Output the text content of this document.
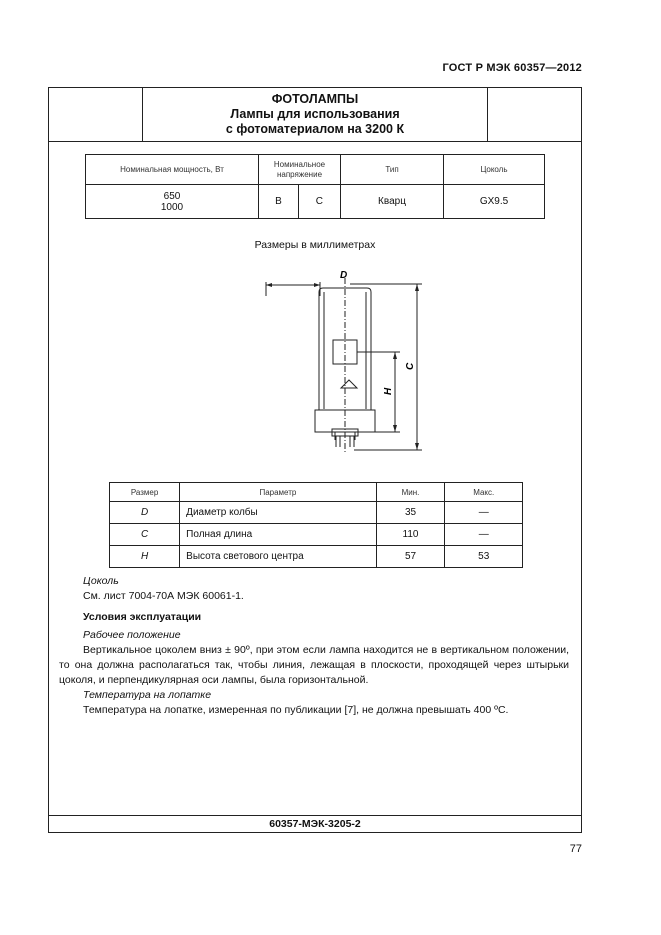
ГОСТ Р МЭК 60357—2012
ФОТОЛАМПЫ
Лампы для использования
с фотоматериалом на 3200 К
Номинальная мощность, Вт	Номинальное напряжение		Тип	Цоколь

650
1000	B	C	Кварц	GX9.5
Размеры в миллиметрах
D
H
C
Размер	Параметр	Мин.	Макс.
D	Диаметр колбы	35	—
C	Полная длина	110	—
H	Высота светового центра	57	53
Цоколь
См. лист 7004-70А МЭК 60061-1.
Условия эксплуатации
Рабочее положение
Вертикальное цоколем вниз ± 90º, при этом если лампа находится не в вертикальном положении, то она должна располагаться так, чтобы линия, лежащая в плоскости, проходящей через штырьки цоколя, и перпендикулярная оси лампы, была горизонтальной.
Температура на лопатке
Температура на лопатке, измеренная по публикации [7], не должна превышать 400 ºС.
60357-МЭК-3205-2
77
